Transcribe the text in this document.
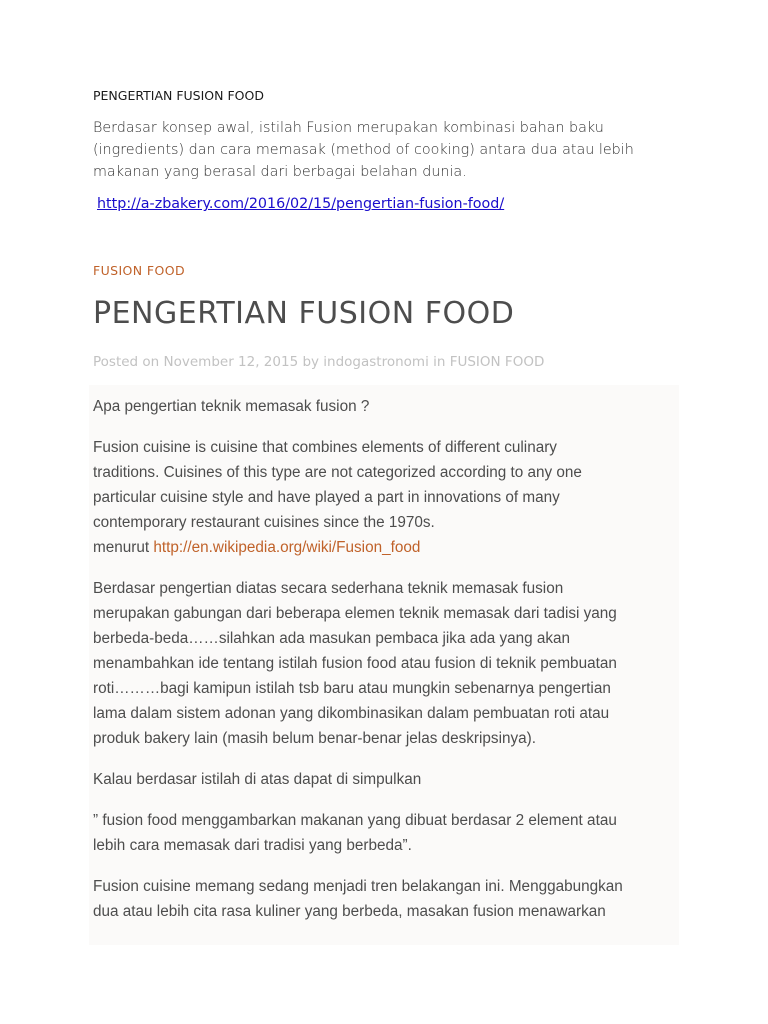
PENGERTIAN FUSION FOOD
Berdasar konsep awal, istilah Fusion merupakan kombinasi bahan baku
(ingredients) dan cara memasak (method of cooking) antara dua atau lebih
makanan yang berasal dari berbagai belahan dunia.
http://a-zbakery.com/2016/02/15/pengertian-fusion-food/
FUSION FOOD
PENGERTIAN FUSION FOOD
Posted on November 12, 2015 by indogastronomi in FUSION FOOD

Apa pengertian teknik memasak fusion ?

Fusion cuisine is cuisine that combines elements of different culinary
traditions. Cuisines of this type are not categorized according to any one
particular cuisine style and have played a part in innovations of many
contemporary restaurant cuisines since the 1970s.
menurut http://en.wikipedia.org/wiki/Fusion_food

Berdasar pengertian diatas secara sederhana teknik memasak fusion
merupakan gabungan dari beberapa elemen teknik memasak dari tadisi yang
berbeda-beda……silahkan ada masukan pembaca jika ada yang akan
menambahkan ide tentang istilah fusion food atau fusion di teknik pembuatan
roti………bagi kamipun istilah tsb baru atau mungkin sebenarnya pengertian
lama dalam sistem adonan yang dikombinasikan dalam pembuatan roti atau
produk bakery lain (masih belum benar-benar jelas deskripsinya).

Kalau berdasar istilah di atas dapat di simpulkan

” fusion food menggambarkan makanan yang dibuat berdasar 2 element atau
lebih cara memasak dari tradisi yang berbeda”.

Fusion cuisine memang sedang menjadi tren belakangan ini. Menggabungkan
dua atau lebih cita rasa kuliner yang berbeda, masakan fusion menawarkan
